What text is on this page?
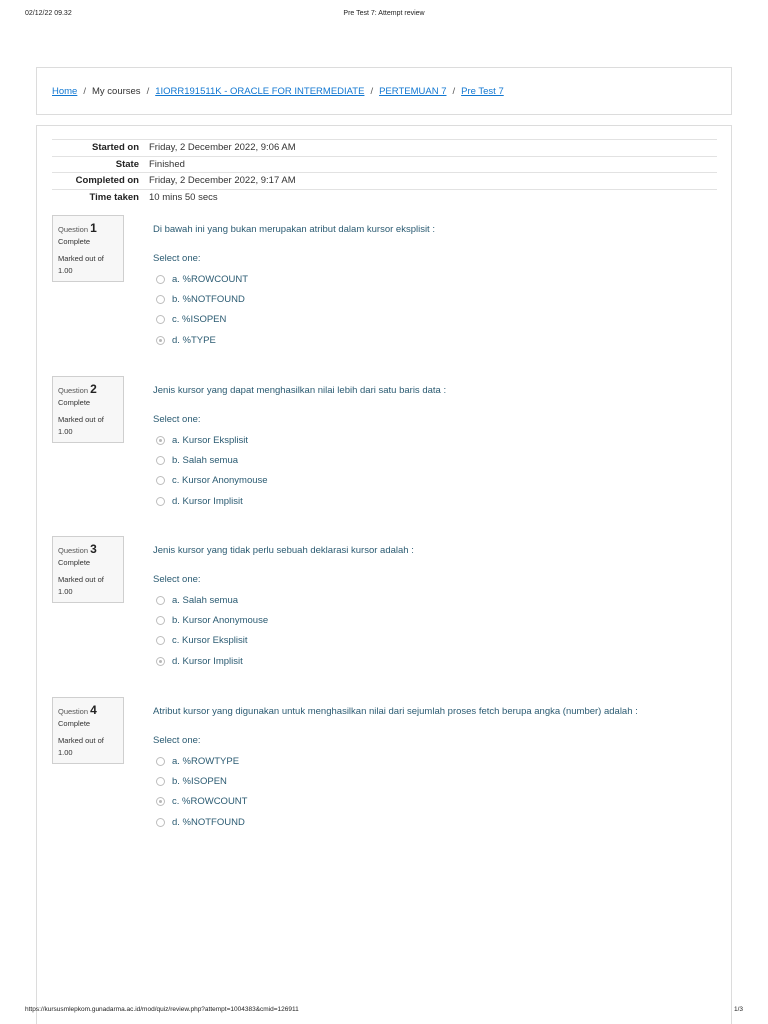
02/12/22 09.32	Pre Test 7: Attempt review
Home / My courses / 1IORR191511K - ORACLE FOR INTERMEDIATE / PERTEMUAN 7 / Pre Test 7
Started on	Friday, 2 December 2022, 9:06 AM
State	Finished
Completed on	Friday, 2 December 2022, 9:17 AM
Time taken	10 mins 50 secs
Question 1
Complete
Marked out of 1.00
Di bawah ini yang bukan merupakan atribut dalam kursor eksplisit :
Select one:
a. %ROWCOUNT
b. %NOTFOUND
c. %ISOPEN
d. %TYPE
Question 2
Complete
Marked out of 1.00
Jenis kursor yang dapat menghasilkan nilai lebih dari satu baris data :
Select one:
a. Kursor Eksplisit
b. Salah semua
c. Kursor Anonymouse
d. Kursor Implisit
Question 3
Complete
Marked out of 1.00
Jenis kursor yang tidak perlu sebuah deklarasi kursor adalah :
Select one:
a. Salah semua
b. Kursor Anonymouse
c. Kursor Eksplisit
d. Kursor Implisit
Question 4
Complete
Marked out of 1.00
Atribut kursor yang digunakan untuk menghasilkan nilai dari sejumlah proses fetch berupa angka (number) adalah :
Select one:
a. %ROWTYPE
b. %ISOPEN
c. %ROWCOUNT
d. %NOTFOUND
https://kursusmlepkom.gunadarma.ac.id/mod/quiz/review.php?attempt=1004383&cmid=126911	1/3
